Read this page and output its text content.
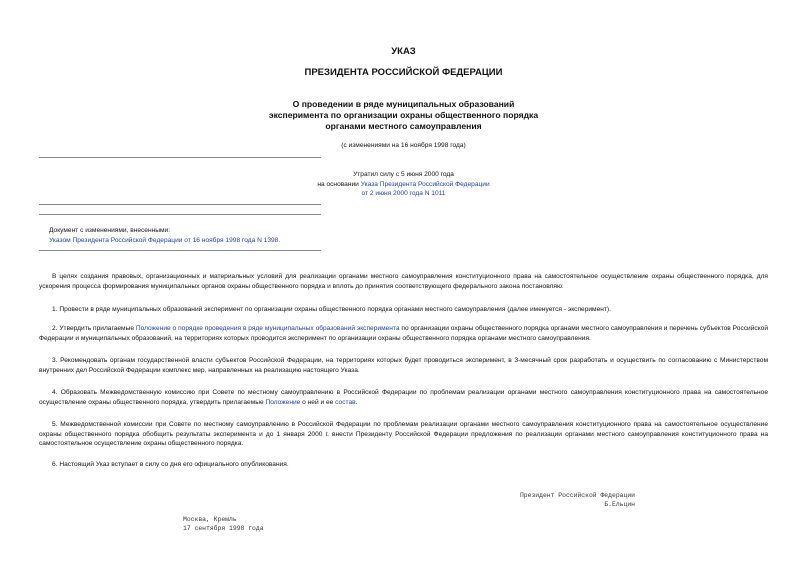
УКАЗ
ПРЕЗИДЕНТА РОССИЙСКОЙ ФЕДЕРАЦИИ
О проведении в ряде муниципальных образований
эксперимента по организации охраны общественного порядка
органами местного самоуправления
(с изменениями на 16 ноября 1998 года)
Утратил силу с 5 июня 2000 года
на основании Указа Президента Российской Федерации
от 2 июня 2000 года N 1011
Документ с изменениями, внесенными:
Указом Президента Российской Федерации от 16 ноября 1998 года N 1398.

В целях создания правовых, организационных и материальных условий для реализации органами местного самоуправления конституционного права на самостоятельное осуществление охраны общественного порядка, для ускорения процесса формирования муниципальных органов охраны общественного порядка и вплоть до принятия соответствующего федерального закона постановляю:

1. Провести в ряде муниципальных образований эксперимент по организации охраны общественного порядка органами местного самоуправления (далее именуется - эксперимент).

2. Утвердить прилагаемые Положение о порядке проведения в ряде муниципальных образований эксперимента по организации охраны общественного порядка органами местного самоуправления и перечень субъектов Российской Федерации и муниципальных образований, на территориях которых проводится эксперимент по организации охраны общественного порядка органами местного самоуправления.

3. Рекомендовать органам государственной власти субъектов Российской Федерации, на территориях которых будет проводиться эксперимент, в 3-месячный срок разработать и осуществить по согласованию с Министерством внутренних дел Российской Федерации комплекс мер, направленных на реализацию настоящего Указа.

4. Образовать Межведомственную комиссию при Совете по местному самоуправлению в Российской Федерации по проблемам реализации органами местного самоуправления конституционного права на самостоятельное осуществление охраны общественного порядка, утвердить прилагаемые Положение о ней и ее состав.

5. Межведомственной комиссии при Совете по местному самоуправлению в Российской Федерации по проблемам реализации органами местного самоуправления конституционного права на самостоятельное осуществление охраны общественного порядка обобщить результаты эксперимента и до 1 января 2000 г. внести Президенту Российской Федерации предложения по реализации органами местного самоуправления конституционного права на самостоятельное осуществление охраны общественного порядка.

6. Настоящий Указ вступает в силу со дня его официального опубликования.

Президент Российской Федерации
Б.Ельцин
Москва, Кремль
17 сентября 1998 года
